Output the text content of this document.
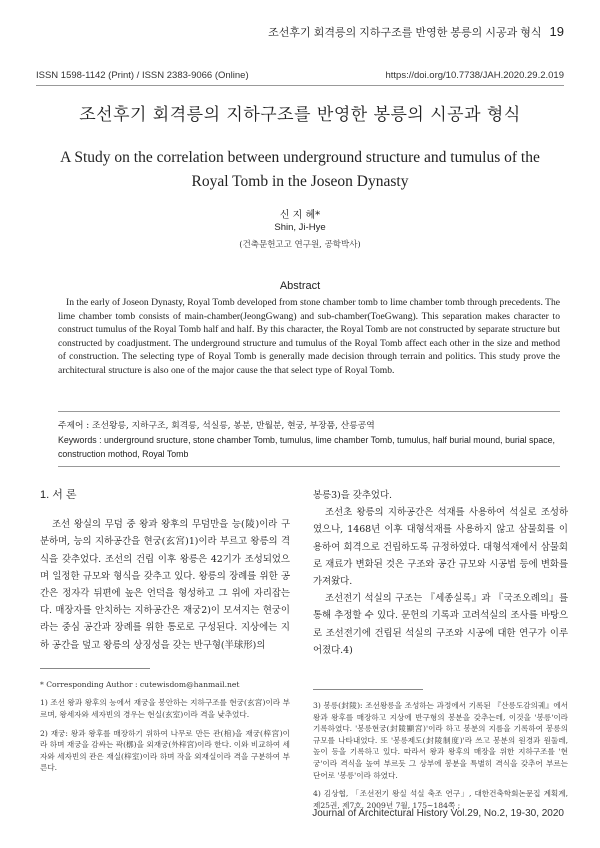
조선후기 회격릉의 지하구조를 반영한 봉릉의 시공과 형식 19
ISSN 1598-1142 (Print) / ISSN 2383-9066 (Online)	https://doi.org/10.7738/JAH.2020.29.2.019
조선후기 회격릉의 지하구조를 반영한 봉릉의 시공과 형식
A Study on the correlation between underground structure and tumulus of the Royal Tomb in the Joseon Dynasty
신 지 혜*
Shin, Ji-Hye
(건축문헌고고 연구원, 공학박사)
Abstract
In the early of Joseon Dynasty, Royal Tomb developed from stone chamber tomb to lime chamber tomb through precedents. The lime chamber tomb consists of main-chamber(JeongGwang) and sub-chamber(ToeGwang). This separation makes character to construct tumulus of the Royal Tomb half and half. By this character, the Royal Tomb are not constructed by separate structure but constructed by coadjustment. The underground structure and tumulus of the Royal Tomb affect each other in the size and method of construction. The selecting type of Royal Tomb is generally made decision through terrain and politics. This study prove the architectural structure is also one of the major cause the that select type of Royal Tomb.
주제어 : 조선왕릉, 지하구조, 회격릉, 석실릉, 봉분, 반월분, 현궁, 부장품, 산릉공역
Keywords : underground sructure, stone chamber Tomb, tumulus, lime chamber Tomb, tumulus, half burial mound, burial space, construction mothod, Royal Tomb
1. 서 론

조선 왕실의 무덤 중 왕과 왕후의 무덤만을 능(陵)이라 구분하며, 능의 지하공간을 현궁(玄宮)1)이라 부르고 왕릉의 격식을 갖추었다. 조선의 건립 이후 왕릉은 42기가 조성되었으며 일정한 규모와 형식을 갖추고 있다. 왕릉의 장례를 위한 공간은 정자각 뒤편에 높은 언덕을 형성하고 그 위에 자리잡는다. 매장자를 안치하는 지하공간은 재궁2)이 모셔지는 현궁이라는 중심 공간과 장례를 위한 통로로 구성된다. 지상에는 지하 공간을 덮고 왕릉의 상징성을 갖는 반구형(半球形)의

* Corresponding Author : cutewisdom@hanmail.net

1) 조선 왕과 왕후의 능에서 재궁을 봉안하는 지하구조를 현궁(玄宮)이라 부르며, 왕세자와 세자빈의 경우는 현실(玄室)이라 격을 낮추었다.

2) 재궁: 왕과 왕후를 매장하기 위하여 나무로 만든 관(棺)을 재궁(梓宮)이라 하며 재궁을 감싸는 곽(槨)을 외재궁(外梓宮)이라 한다. 이와 비교하여 세자와 세자빈의 관은 재실(梓室)이라 하며 작을 외재실이라 격을 구분하여 부른다.

봉릉3)을 갖추었다.

조선초 왕릉의 지하공간은 석재를 사용하여 석실로 조성하였으나, 1468년 이후 대형석재를 사용하지 않고 삼물회를 이용하여 회격으로 건립하도록 규정하였다. 대형석재에서 삼물회로 재료가 변화된 것은 구조와 공간 규모와 시공법 등에 변화를 가져왔다.

조선전기 석실의 구조는 『세종실록』과 『국조오례의』를 통해 추정할 수 있다. 문헌의 기록과 고려석실의 조사를 바탕으로 조선전기에 건립된 석실의 구조와 시공에 대한 연구가 이루어졌다.4)

3) 봉릉(封陵): 조선왕릉을 조성하는 과정에서 기록된 『산릉도감의궤』에서 왕과 왕후를 매장하고 지상에 반구형의 봉분을 갖추는데, 이것을 '봉릉'이라 기록하였다. '봉릉현궁(封陵顯宮)'이라 하고 봉분의 지름을 기록하여 봉릉의 규모를 나타내었다. 또 '봉릉제도(封陵制度)'라 쓰고 봉분의 원경과 원둘레, 높이 등을 기록하고 있다. 따라서 왕과 왕후의 매장을 위한 지하구조를 '현궁'이라 격식을 높여 부르듯 그 상부에 봉분을 특별히 격식을 갖추어 부르는 단어로 '봉릉'이라 하였다.

4) 김상협, 「조선전기 왕실 석실 축조 연구」, 대한건축학회논문집 계획계, 제25권, 제7호, 2009년 7월, 175~184쪽 ;

Journal of Architectural History Vol.29, No.2, 19-30, 2020
